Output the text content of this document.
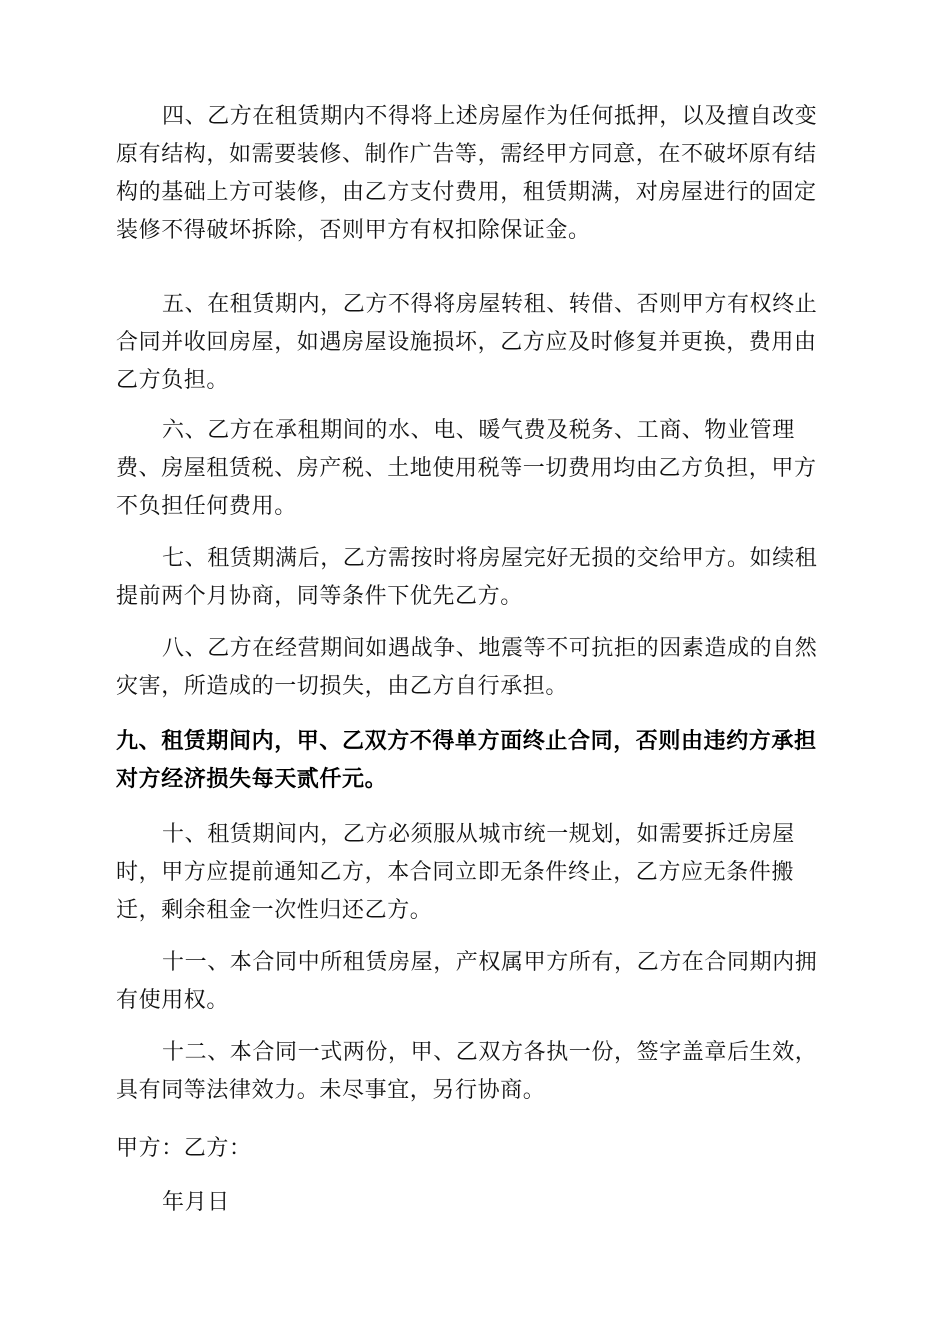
四、乙方在租赁期内不得将上述房屋作为任何抵押，以及擅自改变原有结构，如需要装修、制作广告等，需经甲方同意，在不破坏原有结构的基础上方可装修，由乙方支付费用，租赁期满，对房屋进行的固定装修不得破坏拆除，否则甲方有权扣除保证金。

五、在租赁期内，乙方不得将房屋转租、转借、否则甲方有权终止合同并收回房屋，如遇房屋设施损坏，乙方应及时修复并更换，费用由乙方负担。

六、乙方在承租期间的水、电、暖气费及税务、工商、物业管理费、房屋租赁税、房产税、土地使用税等一切费用均由乙方负担，甲方不负担任何费用。

七、租赁期满后，乙方需按时将房屋完好无损的交给甲方。如续租提前两个月协商，同等条件下优先乙方。

八、乙方在经营期间如遇战争、地震等不可抗拒的因素造成的自然灾害，所造成的一切损失，由乙方自行承担。

九、租赁期间内，甲、乙双方不得单方面终止合同，否则由违约方承担对方经济损失每天贰仟元。

十、租赁期间内，乙方必须服从城市统一规划，如需要拆迁房屋时，甲方应提前通知乙方，本合同立即无条件终止，乙方应无条件搬迁，剩余租金一次性归还乙方。

十一、本合同中所租赁房屋，产权属甲方所有，乙方在合同期内拥有使用权。

十二、本合同一式两份，甲、乙双方各执一份，签字盖章后生效，具有同等法律效力。未尽事宜，另行协商。

甲方：乙方：

年月日
